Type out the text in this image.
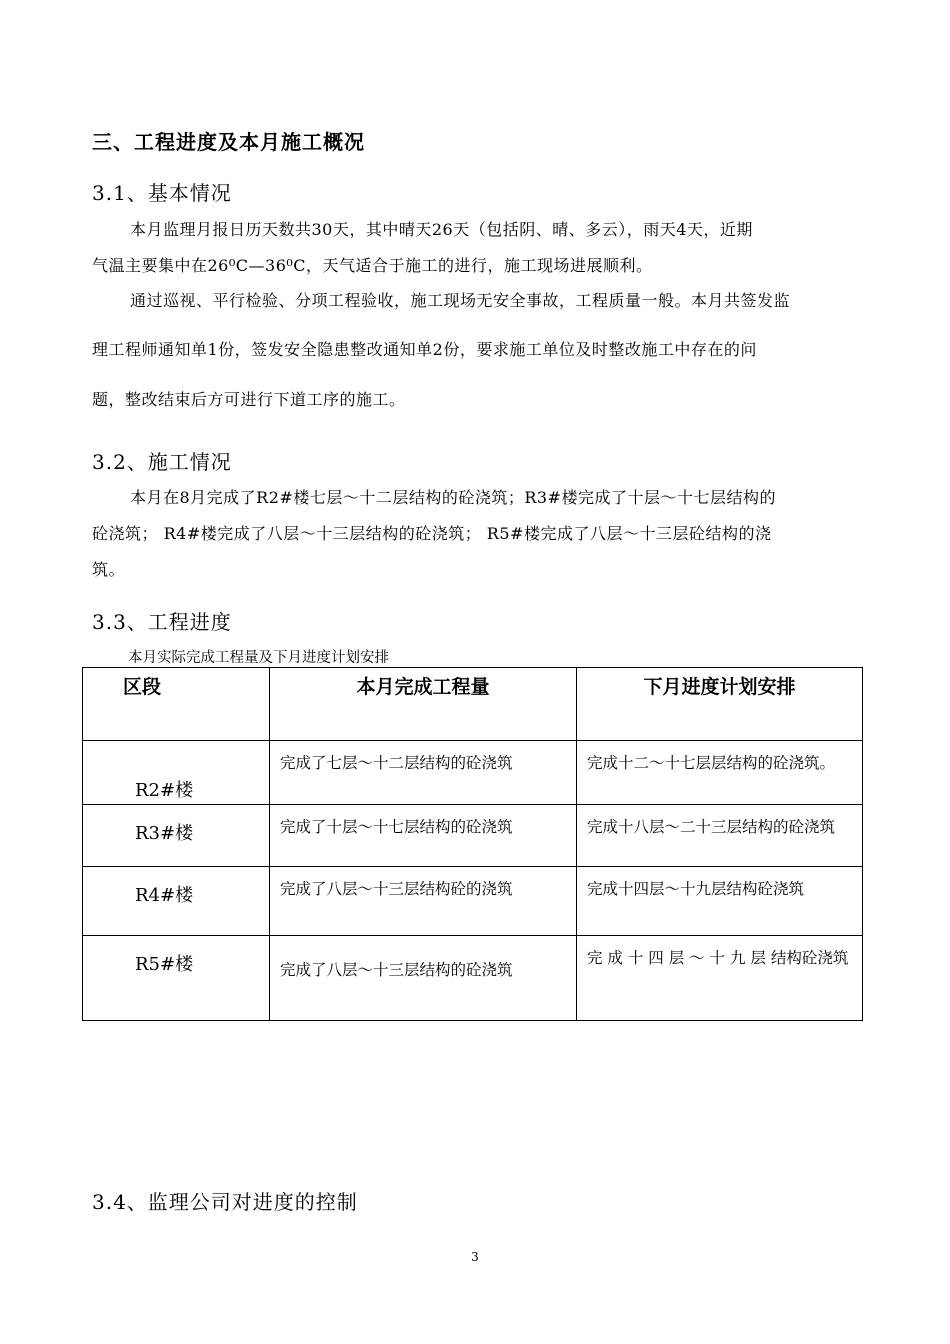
三、工程进度及本月施工概况
3.1、基本情况
本月监理月报日历天数共30天，其中晴天26天（包括阴、晴、多云），雨天4天，近期
气温主要集中在26⁰C—36⁰C，天气适合于施工的进行，施工现场进展顺利。
通过巡视、平行检验、分项工程验收，施工现场无安全事故，工程质量一般。本月共签发监
理工程师通知单1份，签发安全隐患整改通知单2份，要求施工单位及时整改施工中存在的问
题，整改结束后方可进行下道工序的施工。
3.2、施工情况
本月在8月完成了R2#楼七层～十二层结构的砼浇筑；R3#楼完成了十层～十七层结构的
砼浇筑； R4#楼完成了八层～十三层结构的砼浇筑； R5#楼完成了八层～十三层砼结构的浇
筑。
3.3、工程进度
本月实际完成工程量及下月进度计划安排
区段	本月完成工程量	下月进度计划安排
R2#楼	完成了七层～十二层结构的砼浇筑	完成十二～十七层层结构的砼浇筑。
R3#楼	完成了十层～十七层结构的砼浇筑	完成十八层～二十三层结构的砼浇筑
R4#楼	完成了八层～十三层结构砼的浇筑	完成十四层～十九层结构砼浇筑
R5#楼	完成了八层～十三层结构的砼浇筑	完 成 十 四 层 ～ 十 九 层 结构砼浇筑
3.4、监理公司对进度的控制
3
